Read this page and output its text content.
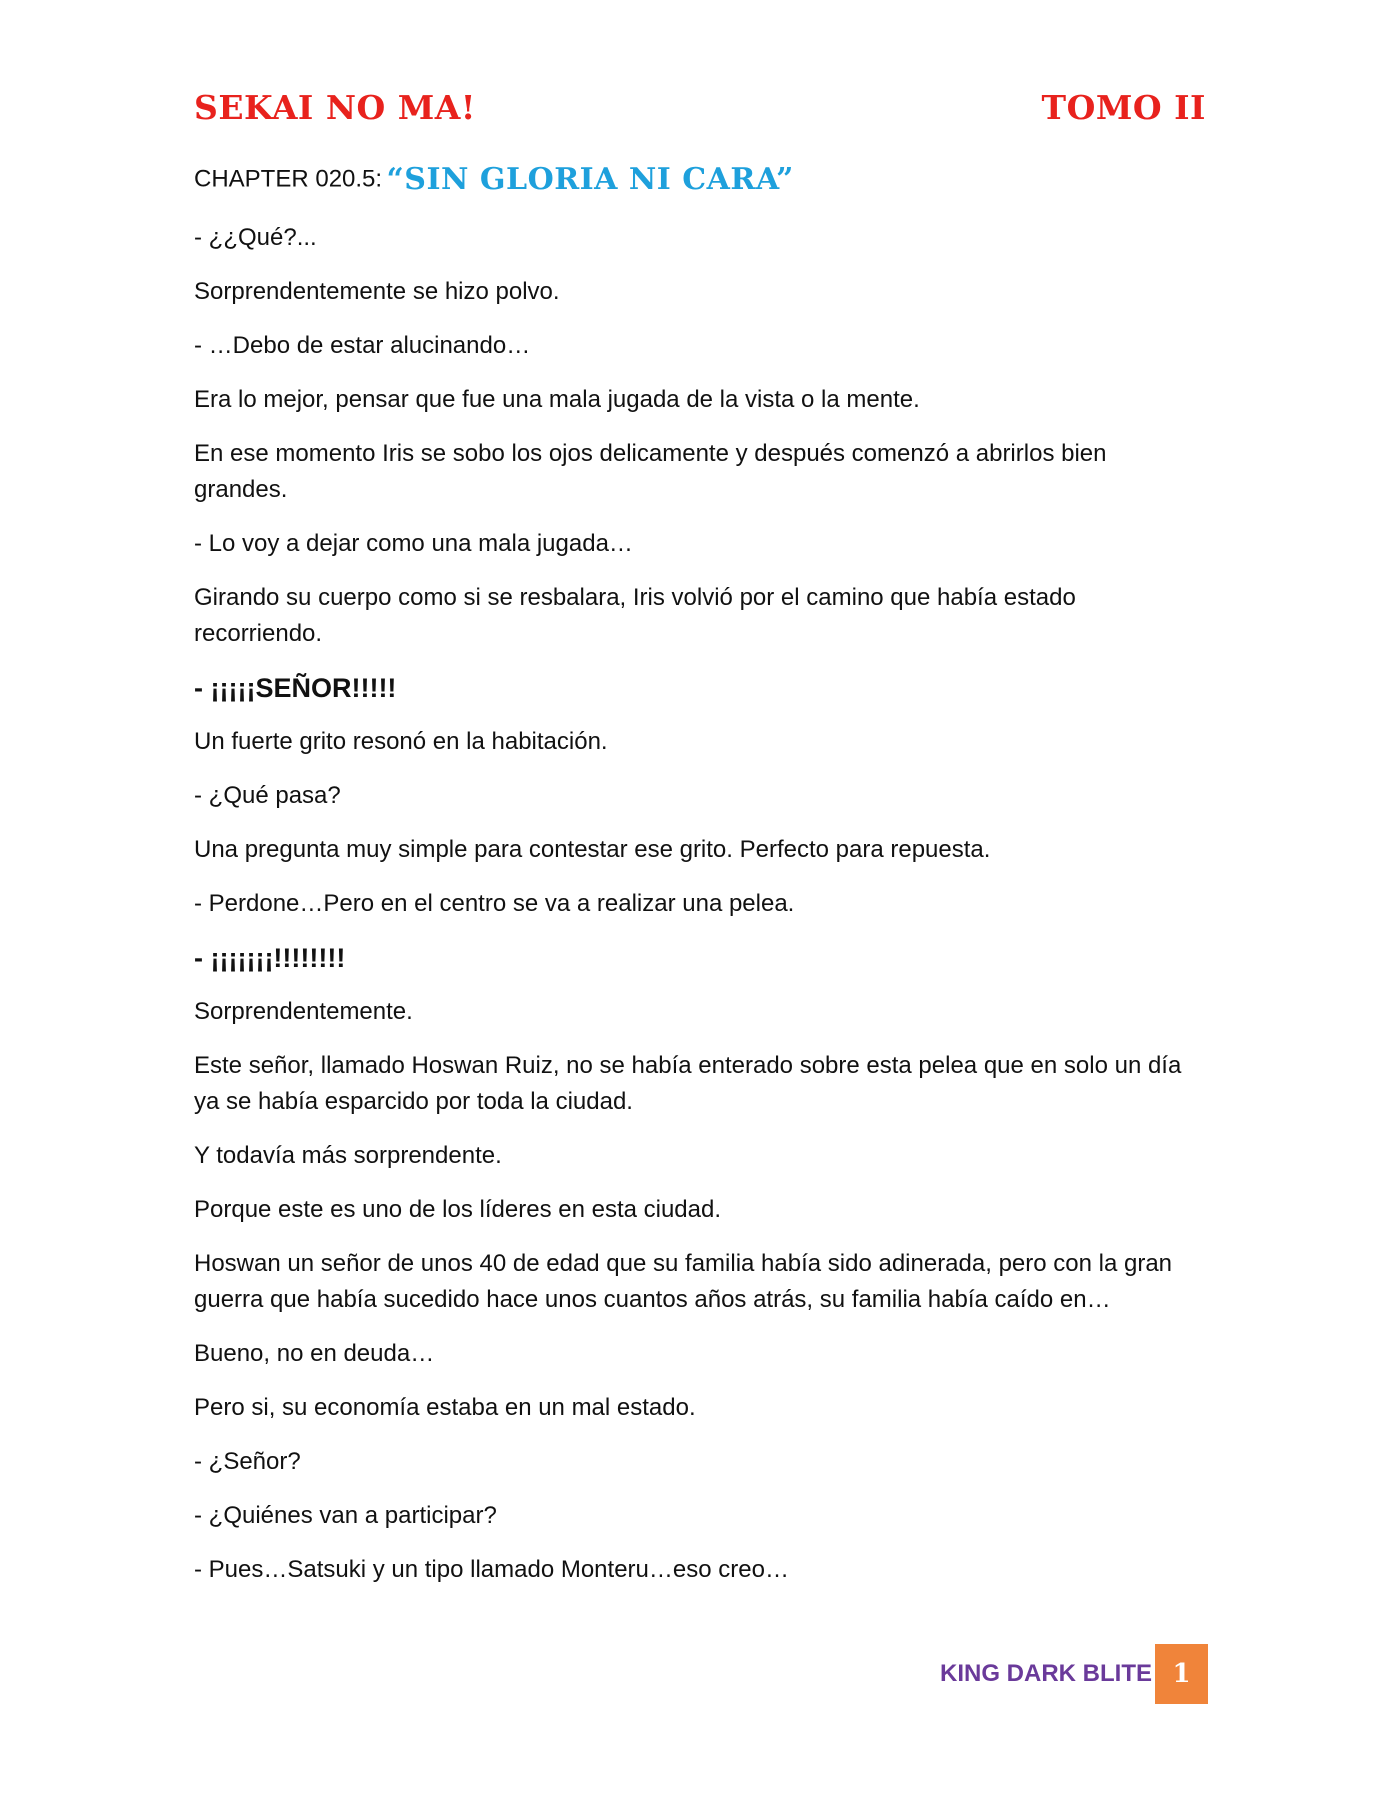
SEKAI NO MA!	TOMO II
CHAPTER 020.5: “SIN GLORIA NI CARA”

- ¿¿Qué?...

Sorprendentemente se hizo polvo.

- …Debo de estar alucinando…

Era lo mejor, pensar que fue una mala jugada de la vista o la mente.

En ese momento Iris se sobo los ojos delicamente y después comenzó a abrirlos bien grandes.

- Lo voy a dejar como una mala jugada…

Girando su cuerpo como si se resbalara, Iris volvió por el camino que había estado recorriendo.

- ¡¡¡¡¡SEÑOR!!!!!

Un fuerte grito resonó en la habitación.

- ¿Qué pasa?

Una pregunta muy simple para contestar ese grito. Perfecto para repuesta.

- Perdone…Pero en el centro se va a realizar una pelea.

- ¡¡¡¡¡¡¡!!!!!!!!

Sorprendentemente.

Este señor, llamado Hoswan Ruiz, no se había enterado sobre esta pelea que en solo un día ya se había esparcido por toda la ciudad.

Y todavía más sorprendente.

Porque este es uno de los líderes en esta ciudad.

Hoswan un señor de unos 40 de edad que su familia había sido adinerada, pero con la gran guerra que había sucedido hace unos cuantos años atrás, su familia había caído en…

Bueno, no en deuda…

Pero si, su economía estaba en un mal estado.

- ¿Señor?

- ¿Quiénes van a participar?

- Pues…Satsuki y un tipo llamado Monteru…eso creo…

KING DARK BLITE 1
